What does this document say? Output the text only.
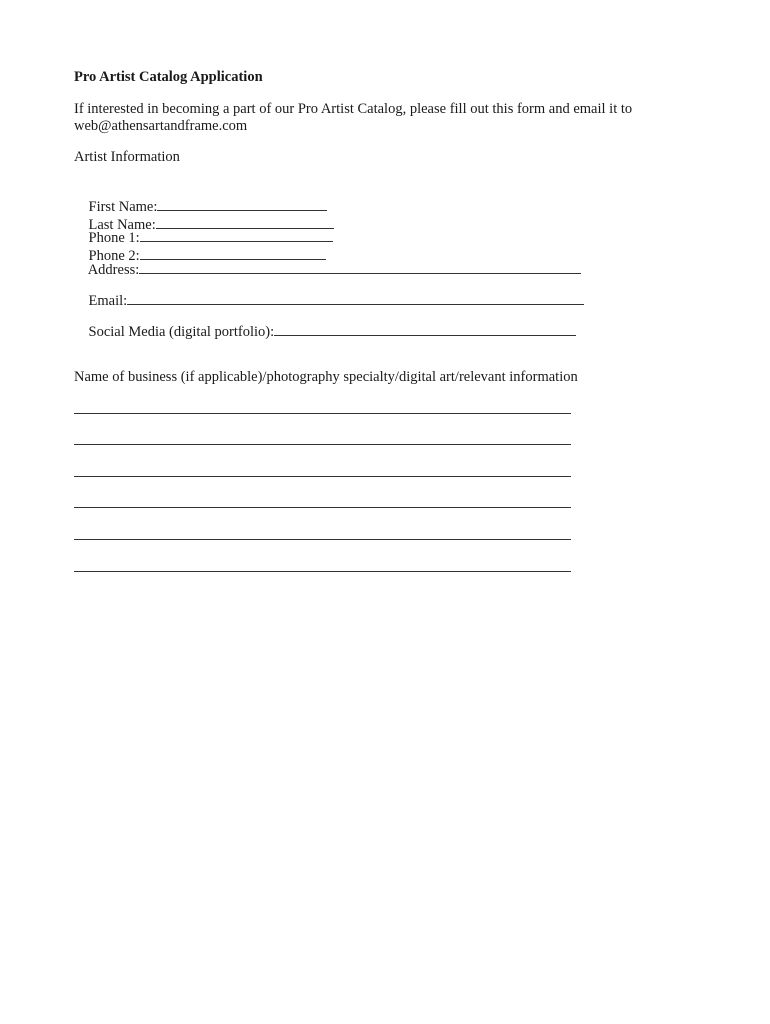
Pro Artist Catalog Application
If interested in becoming a part of our Pro Artist Catalog, please fill out this form and email it to
web@athensartandframe.com
Artist Information

First Name:
Last Name:

Phone 1:
Phone 2:

Address:

Email:

Social Media (digital portfolio):

Name of business (if applicable)/photography specialty/digital art/relevant information
